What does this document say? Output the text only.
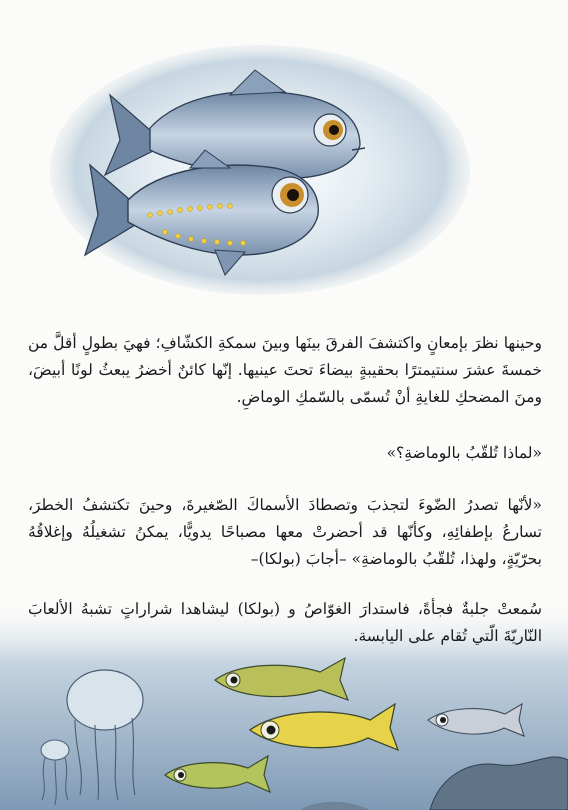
وحينها نظرَ بإمعانٍ واكتشفَ الفرقَ بينَها وبينَ سمكةِ الكشّافِ؛ فهيَ بطولٍ أقلَّ من خمسةَ عشرَ سنتيمترًا بحقيبةٍ بيضاءَ تحتَ عينيها. إنّها كائنٌ أخضرُ يبعثُ لونًا أبيضَ، ومنَ المضحكِ للغايةِ أنْ تُسمّى بالسّمكِ الوماضِ.

«لماذا تُلقّبُ بالوماضةِ؟»

«لأنّها تصدرُ الضّوءَ لتجذبَ وتصطادَ الأسماكَ الصّغيرةَ، وحينَ تكتشفُ الخطرَ، تسارعُ بإطفائِهِ، وكأنّها قد أحضرتْ معها مصباحًا يدويًّا، يمكنُ تشغيلُهُ وإغلاقُهُ بحرّيّةٍ، ولهذا، تُلقّبُ بالوماضةِ» –أجابَ (بولكا)–

سُمعتْ جلبةٌ فجأةً، فاستدارَ الغوّاصُ و (بولكا) ليشاهدا شراراتٍ تشبهُ الألعابَ النّاريّةَ الّتي تُقام على اليابسة.
